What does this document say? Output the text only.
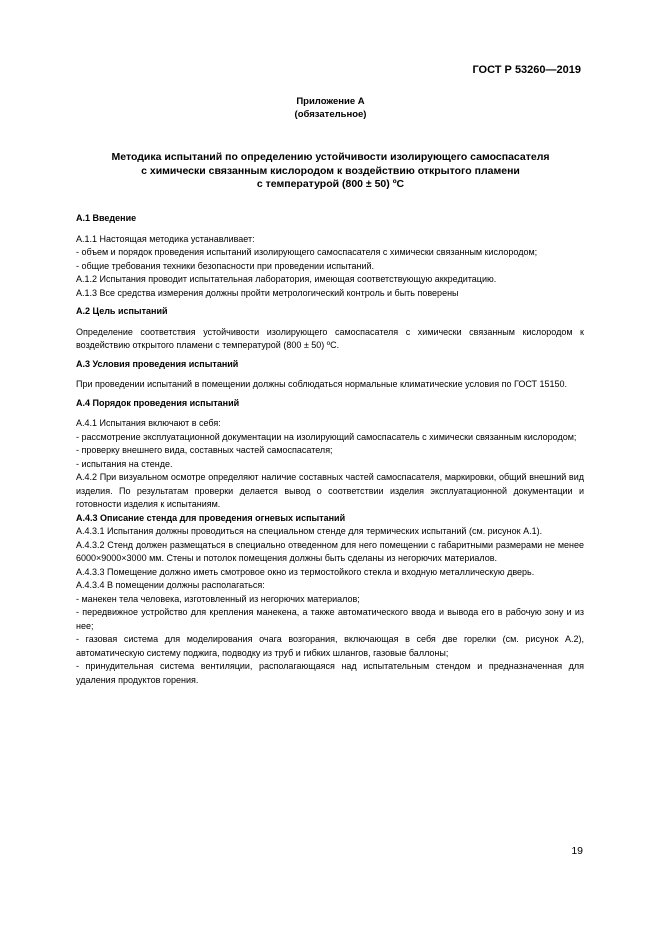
ГОСТ Р 53260—2019
Приложение А
(обязательное)
Методика испытаний по определению устойчивости изолирующего самоспасателя
с химически связанным кислородом к воздействию открытого пламени
с температурой (800 ± 50) ºС
А.1 Введение

А.1.1 Настоящая методика устанавливает:

- объем и порядок проведения испытаний изолирующего самоспасателя с химически связанным кислородом;

- общие требования техники безопасности при проведении испытаний.

А.1.2 Испытания проводит испытательная лаборатория, имеющая соответствующую аккредитацию.

А.1.3 Все средства измерения должны пройти метрологический контроль и быть поверены

А.2 Цель испытаний

Определение соответствия устойчивости изолирующего самоспасателя с химически связанным кислородом к воздействию открытого пламени с температурой (800 ± 50) ºС.

А.3 Условия проведения испытаний

При проведении испытаний в помещении должны соблюдаться нормальные климатические условия по ГОСТ 15150.

А.4 Порядок проведения испытаний

А.4.1 Испытания включают в себя:

- рассмотрение эксплуатационной документации на изолирующий самоспасатель с химически связанным кислородом;

- проверку внешнего вида, составных частей самоспасателя;

- испытания на стенде.

А.4.2 При визуальном осмотре определяют наличие составных частей самоспасателя, маркировки, общий внешний вид изделия. По результатам проверки делается вывод о соответствии изделия эксплуатационной документации и готовности изделия к испытаниям.

А.4.3 Описание стенда для проведения огневых испытаний

А.4.3.1 Испытания должны проводиться на специальном стенде для термических испытаний (см. рисунок А.1).

А.4.3.2 Стенд должен размещаться в специально отведенном для него помещении с габаритными размерами не менее 6000×9000×3000 мм. Стены и потолок помещения должны быть сделаны из негорючих материалов.

А.4.3.3 Помещение должно иметь смотровое окно из термостойкого стекла и входную металлическую дверь.

А.4.3.4 В помещении должны располагаться:

- манекен тела человека, изготовленный из негорючих материалов;

- передвижное устройство для крепления манекена, а также автоматического ввода и вывода его в рабочую зону и из нее;

- газовая система для моделирования очага возгорания, включающая в себя две горелки (см. рисунок А.2), автоматическую систему поджига, подводку из труб и гибких шлангов, газовые баллоны;

- принудительная система вентиляции, располагающаяся над испытательным стендом и предназначенная для удаления продуктов горения.

19
